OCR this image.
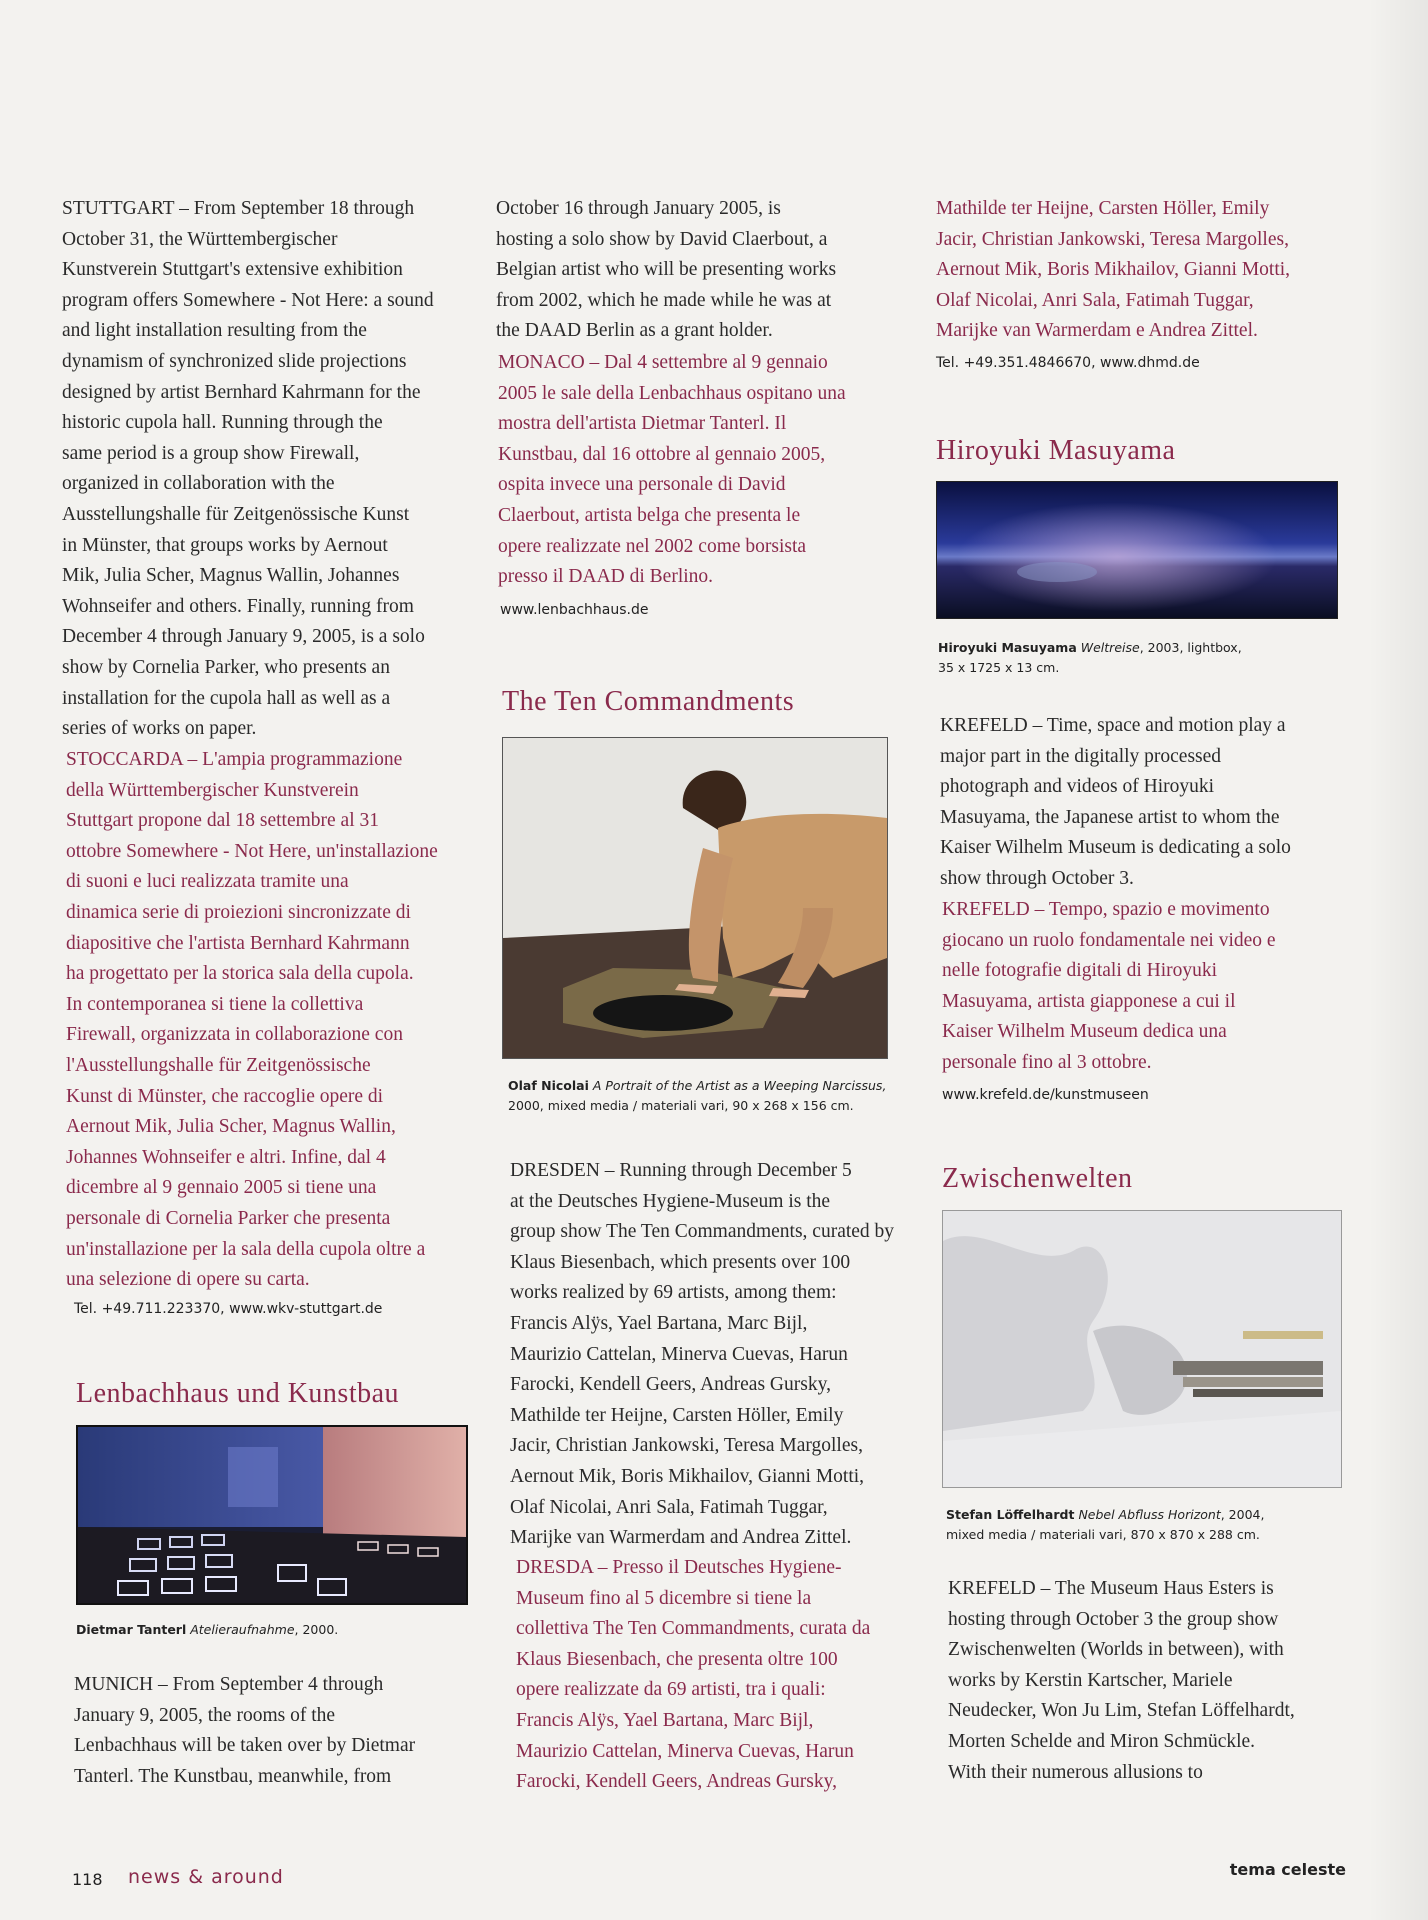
STUTTGART – From September 18 through
October 31, the Württembergischer
Kunstverein Stuttgart's extensive exhibition
program offers Somewhere - Not Here: a sound
and light installation resulting from the
dynamism of synchronized slide projections
designed by artist Bernhard Kahrmann for the
historic cupola hall. Running through the
same period is a group show Firewall,
organized in collaboration with the
Ausstellungshalle für Zeitgenössische Kunst
in Münster, that groups works by Aernout
Mik, Julia Scher, Magnus Wallin, Johannes
Wohnseifer and others. Finally, running from
December 4 through January 9, 2005, is a solo
show by Cornelia Parker, who presents an
installation for the cupola hall as well as a
series of works on paper.

STOCCARDA – L'ampia programmazione
della Württembergischer Kunstverein
Stuttgart propone dal 18 settembre al 31
ottobre Somewhere - Not Here, un'installazione
di suoni e luci realizzata tramite una
dinamica serie di proiezioni sincronizzate di
diapositive che l'artista Bernhard Kahrmann
ha progettato per la storica sala della cupola.
In contemporanea si tiene la collettiva
Firewall, organizzata in collaborazione con
l'Ausstellungshalle für Zeitgenössische
Kunst di Münster, che raccoglie opere di
Aernout Mik, Julia Scher, Magnus Wallin,
Johannes Wohnseifer e altri. Infine, dal 4
dicembre al 9 gennaio 2005 si tiene una
personale di Cornelia Parker che presenta
un'installazione per la sala della cupola oltre a
una selezione di opere su carta.

Tel. +49.711.223370, www.wkv-stuttgart.de

Lenbachhaus und Kunstbau

Dietmar Tanterl Atelieraufnahme, 2000.

MUNICH – From September 4 through
January 9, 2005, the rooms of the
Lenbachhaus will be taken over by Dietmar
Tanterl. The Kunstbau, meanwhile, from

October 16 through January 2005, is
hosting a solo show by David Claerbout, a
Belgian artist who will be presenting works
from 2002, which he made while he was at
the DAAD Berlin as a grant holder.

MONACO – Dal 4 settembre al 9 gennaio
2005 le sale della Lenbachhaus ospitano una
mostra dell'artista Dietmar Tanterl. Il
Kunstbau, dal 16 ottobre al gennaio 2005,
ospita invece una personale di David
Claerbout, artista belga che presenta le
opere realizzate nel 2002 come borsista
presso il DAAD di Berlino.

www.lenbachhaus.de

The Ten Commandments

Olaf Nicolai A Portrait of the Artist as a Weeping Narcissus,
2000, mixed media / materiali vari, 90 x 268 x 156 cm.

DRESDEN – Running through December 5
at the Deutsches Hygiene-Museum is the
group show The Ten Commandments, curated by
Klaus Biesenbach, which presents over 100
works realized by 69 artists, among them:
Francis Alÿs, Yael Bartana, Marc Bijl,
Maurizio Cattelan, Minerva Cuevas, Harun
Farocki, Kendell Geers, Andreas Gursky,
Mathilde ter Heijne, Carsten Höller, Emily
Jacir, Christian Jankowski, Teresa Margolles,
Aernout Mik, Boris Mikhailov, Gianni Motti,
Olaf Nicolai, Anri Sala, Fatimah Tuggar,
Marijke van Warmerdam and Andrea Zittel.

DRESDA – Presso il Deutsches Hygiene-
Museum fino al 5 dicembre si tiene la
collettiva The Ten Commandments, curata da
Klaus Biesenbach, che presenta oltre 100
opere realizzate da 69 artisti, tra i quali:
Francis Alÿs, Yael Bartana, Marc Bijl,
Maurizio Cattelan, Minerva Cuevas, Harun
Farocki, Kendell Geers, Andreas Gursky,

Mathilde ter Heijne, Carsten Höller, Emily
Jacir, Christian Jankowski, Teresa Margolles,
Aernout Mik, Boris Mikhailov, Gianni Motti,
Olaf Nicolai, Anri Sala, Fatimah Tuggar,
Marijke van Warmerdam e Andrea Zittel.

Tel. +49.351.4846670, www.dhmd.de

Hiroyuki Masuyama

Hiroyuki Masuyama Weltreise, 2003, lightbox,
35 x 1725 x 13 cm.

KREFELD – Time, space and motion play a
major part in the digitally processed
photograph and videos of Hiroyuki
Masuyama, the Japanese artist to whom the
Kaiser Wilhelm Museum is dedicating a solo
show through October 3.

KREFELD – Tempo, spazio e movimento
giocano un ruolo fondamentale nei video e
nelle fotografie digitali di Hiroyuki
Masuyama, artista giapponese a cui il
Kaiser Wilhelm Museum dedica una
personale fino al 3 ottobre.

www.krefeld.de/kunstmuseen

Zwischenwelten

Stefan Löffelhardt Nebel Abfluss Horizont, 2004,
mixed media / materiali vari, 870 x 870 x 288 cm.

KREFELD – The Museum Haus Esters is
hosting through October 3 the group show
Zwischenwelten (Worlds in between), with
works by Kerstin Kartscher, Mariele
Neudecker, Won Ju Lim, Stefan Löffelhardt,
Morten Schelde and Miron Schmückle.
With their numerous allusions to

118 news & around	tema celeste
